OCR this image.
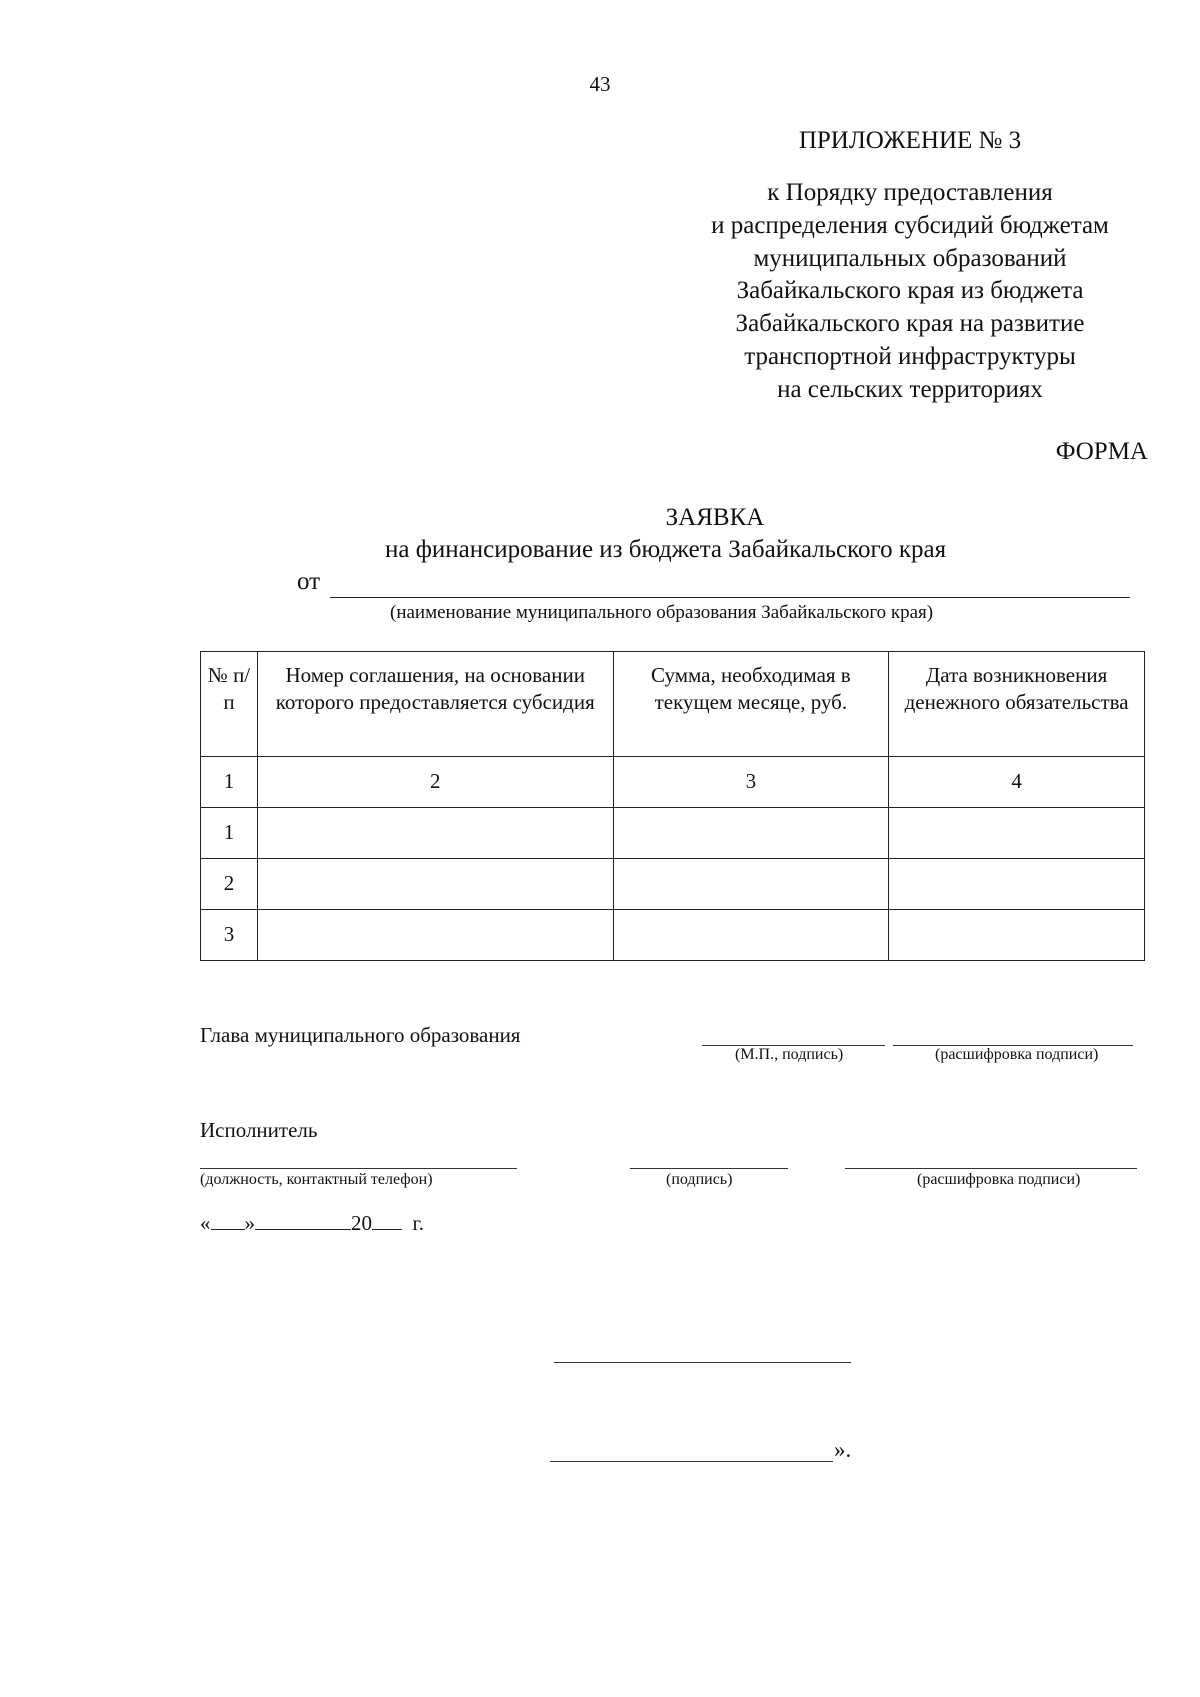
43
ПРИЛОЖЕНИЕ № 3
к Порядку предоставления
и распределения субсидий бюджетам
муниципальных образований
Забайкальского края из бюджета
Забайкальского края на развитие
транспортной инфраструктуры
на сельских территориях
ФОРМА
ЗАЯВКА
на финансирование из бюджета Забайкальского края
от
(наименование муниципального образования Забайкальского края)
№ п/п	Номер соглашения, на основании которого предоставляется субсидия	Сумма, необходимая в текущем месяце, руб.	Дата возникновения денежного обязательства
1	2	3	4
1			
2			
3			
Глава муниципального образования
(М.П., подпись)	(расшифровка подписи)
Исполнитель
(должность, контактный телефон)	(подпись)	(расшифровка подписи)
« »	20 г.
».
